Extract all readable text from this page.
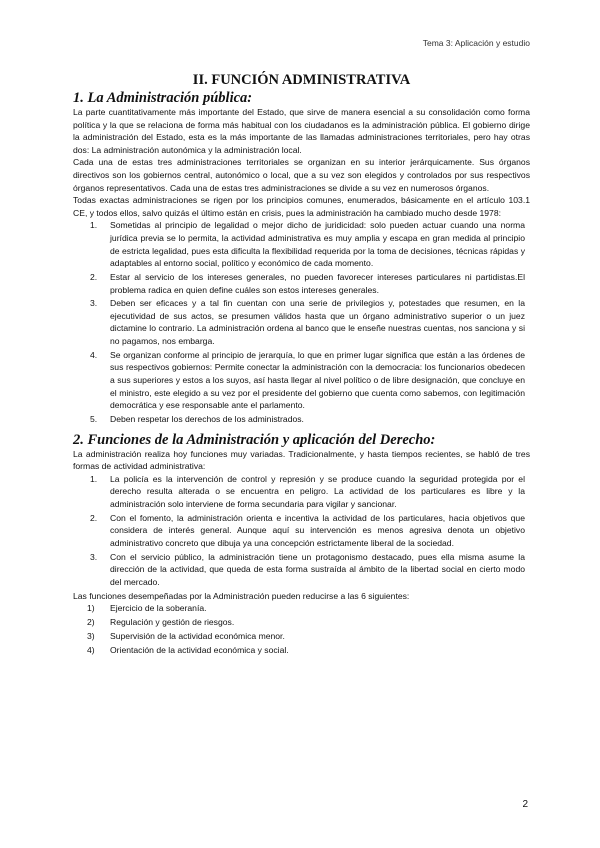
Tema 3: Aplicación y estudio
II. FUNCIÓN ADMINISTRATIVA
1. La Administración pública:

La parte cuantitativamente más importante del Estado, que sirve de manera esencial a su consolidación como forma política y la que se relaciona de forma más habitual con los ciudadanos es la administración pública. El gobierno dirige la administración del Estado, esta es la más importante de las llamadas administraciones territoriales, pero hay otras dos: La administración autonómica y la administración local.

Cada una de estas tres administraciones territoriales se organizan en su interior jerárquicamente. Sus órganos directivos son los gobiernos central, autonómico o local, que a su vez son elegidos y controlados por sus respectivos órganos representativos. Cada una de estas tres administraciones se divide a su vez en numerosos órganos.

Todas exactas administraciones se rigen por los principios comunes, enumerados, básicamente en el artículo 103.1 CE, y todos ellos, salvo quizás el último están en crisis, pues la administración ha cambiado mucho desde 1978:

1. Sometidas al principio de legalidad o mejor dicho de juridicidad: solo pueden actuar cuando una norma jurídica previa se lo permita, la actividad administrativa es muy amplia y escapa en gran medida al principio de estricta legalidad, pues esta dificulta la flexibilidad requerida por la toma de decisiones, técnicas rápidas y adaptables al entorno social, político y económico de cada momento.
2. Estar al servicio de los intereses generales, no pueden favorecer intereses particulares ni partidistas.El problema radica en quien define cuáles son estos intereses generales.
3. Deben ser eficaces y a tal fin cuentan con una serie de privilegios y, potestades que resumen, en la ejecutividad de sus actos, se presumen válidos hasta que un órgano administrativo superior o un juez dictamine lo contrario. La administración ordena al banco que le enseñe nuestras cuentas, nos sanciona y si no pagamos, nos embarga.
4. Se organizan conforme al principio de jerarquía, lo que en primer lugar significa que están a las órdenes de sus respectivos gobiernos: Permite conectar la administración con la democracia: los funcionarios obedecen a sus superiores y estos a los suyos, así hasta llegar al nivel político o de libre designación, que concluye en el ministro, este elegido a su vez por el presidente del gobierno que cuenta como sabemos, con legitimación democrática y ese responsable ante el parlamento.
5. Deben respetar los derechos de los administrados.
2. Funciones de la Administración y aplicación del Derecho:

La administración realiza hoy funciones muy variadas. Tradicionalmente, y hasta tiempos recientes, se habló de tres formas de actividad administrativa:

1. La policía es la intervención de control y represión y se produce cuando la seguridad protegida por el derecho resulta alterada o se encuentra en peligro. La actividad de los particulares es libre y la administración solo interviene de forma secundaria para vigilar y sancionar.
2. Con el fomento, la administración orienta e incentiva la actividad de los particulares, hacia objetivos que considera de interés general. Aunque aquí su intervención es menos agresiva denota un objetivo administrativo concreto que dibuja ya una concepción estrictamente liberal de la sociedad.
3. Con el servicio público, la administración tiene un protagonismo destacado, pues ella misma asume la dirección de la actividad, que queda de esta forma sustraída al ámbito de la libertad social en cierto modo del mercado.

Las funciones desempeñadas por la Administración pueden reducirse a las 6 siguientes:

1) Ejercicio de la soberanía.
2) Regulación y gestión de riesgos.
3) Supervisión de la actividad económica menor.
4) Orientación de la actividad económica y social.
2
